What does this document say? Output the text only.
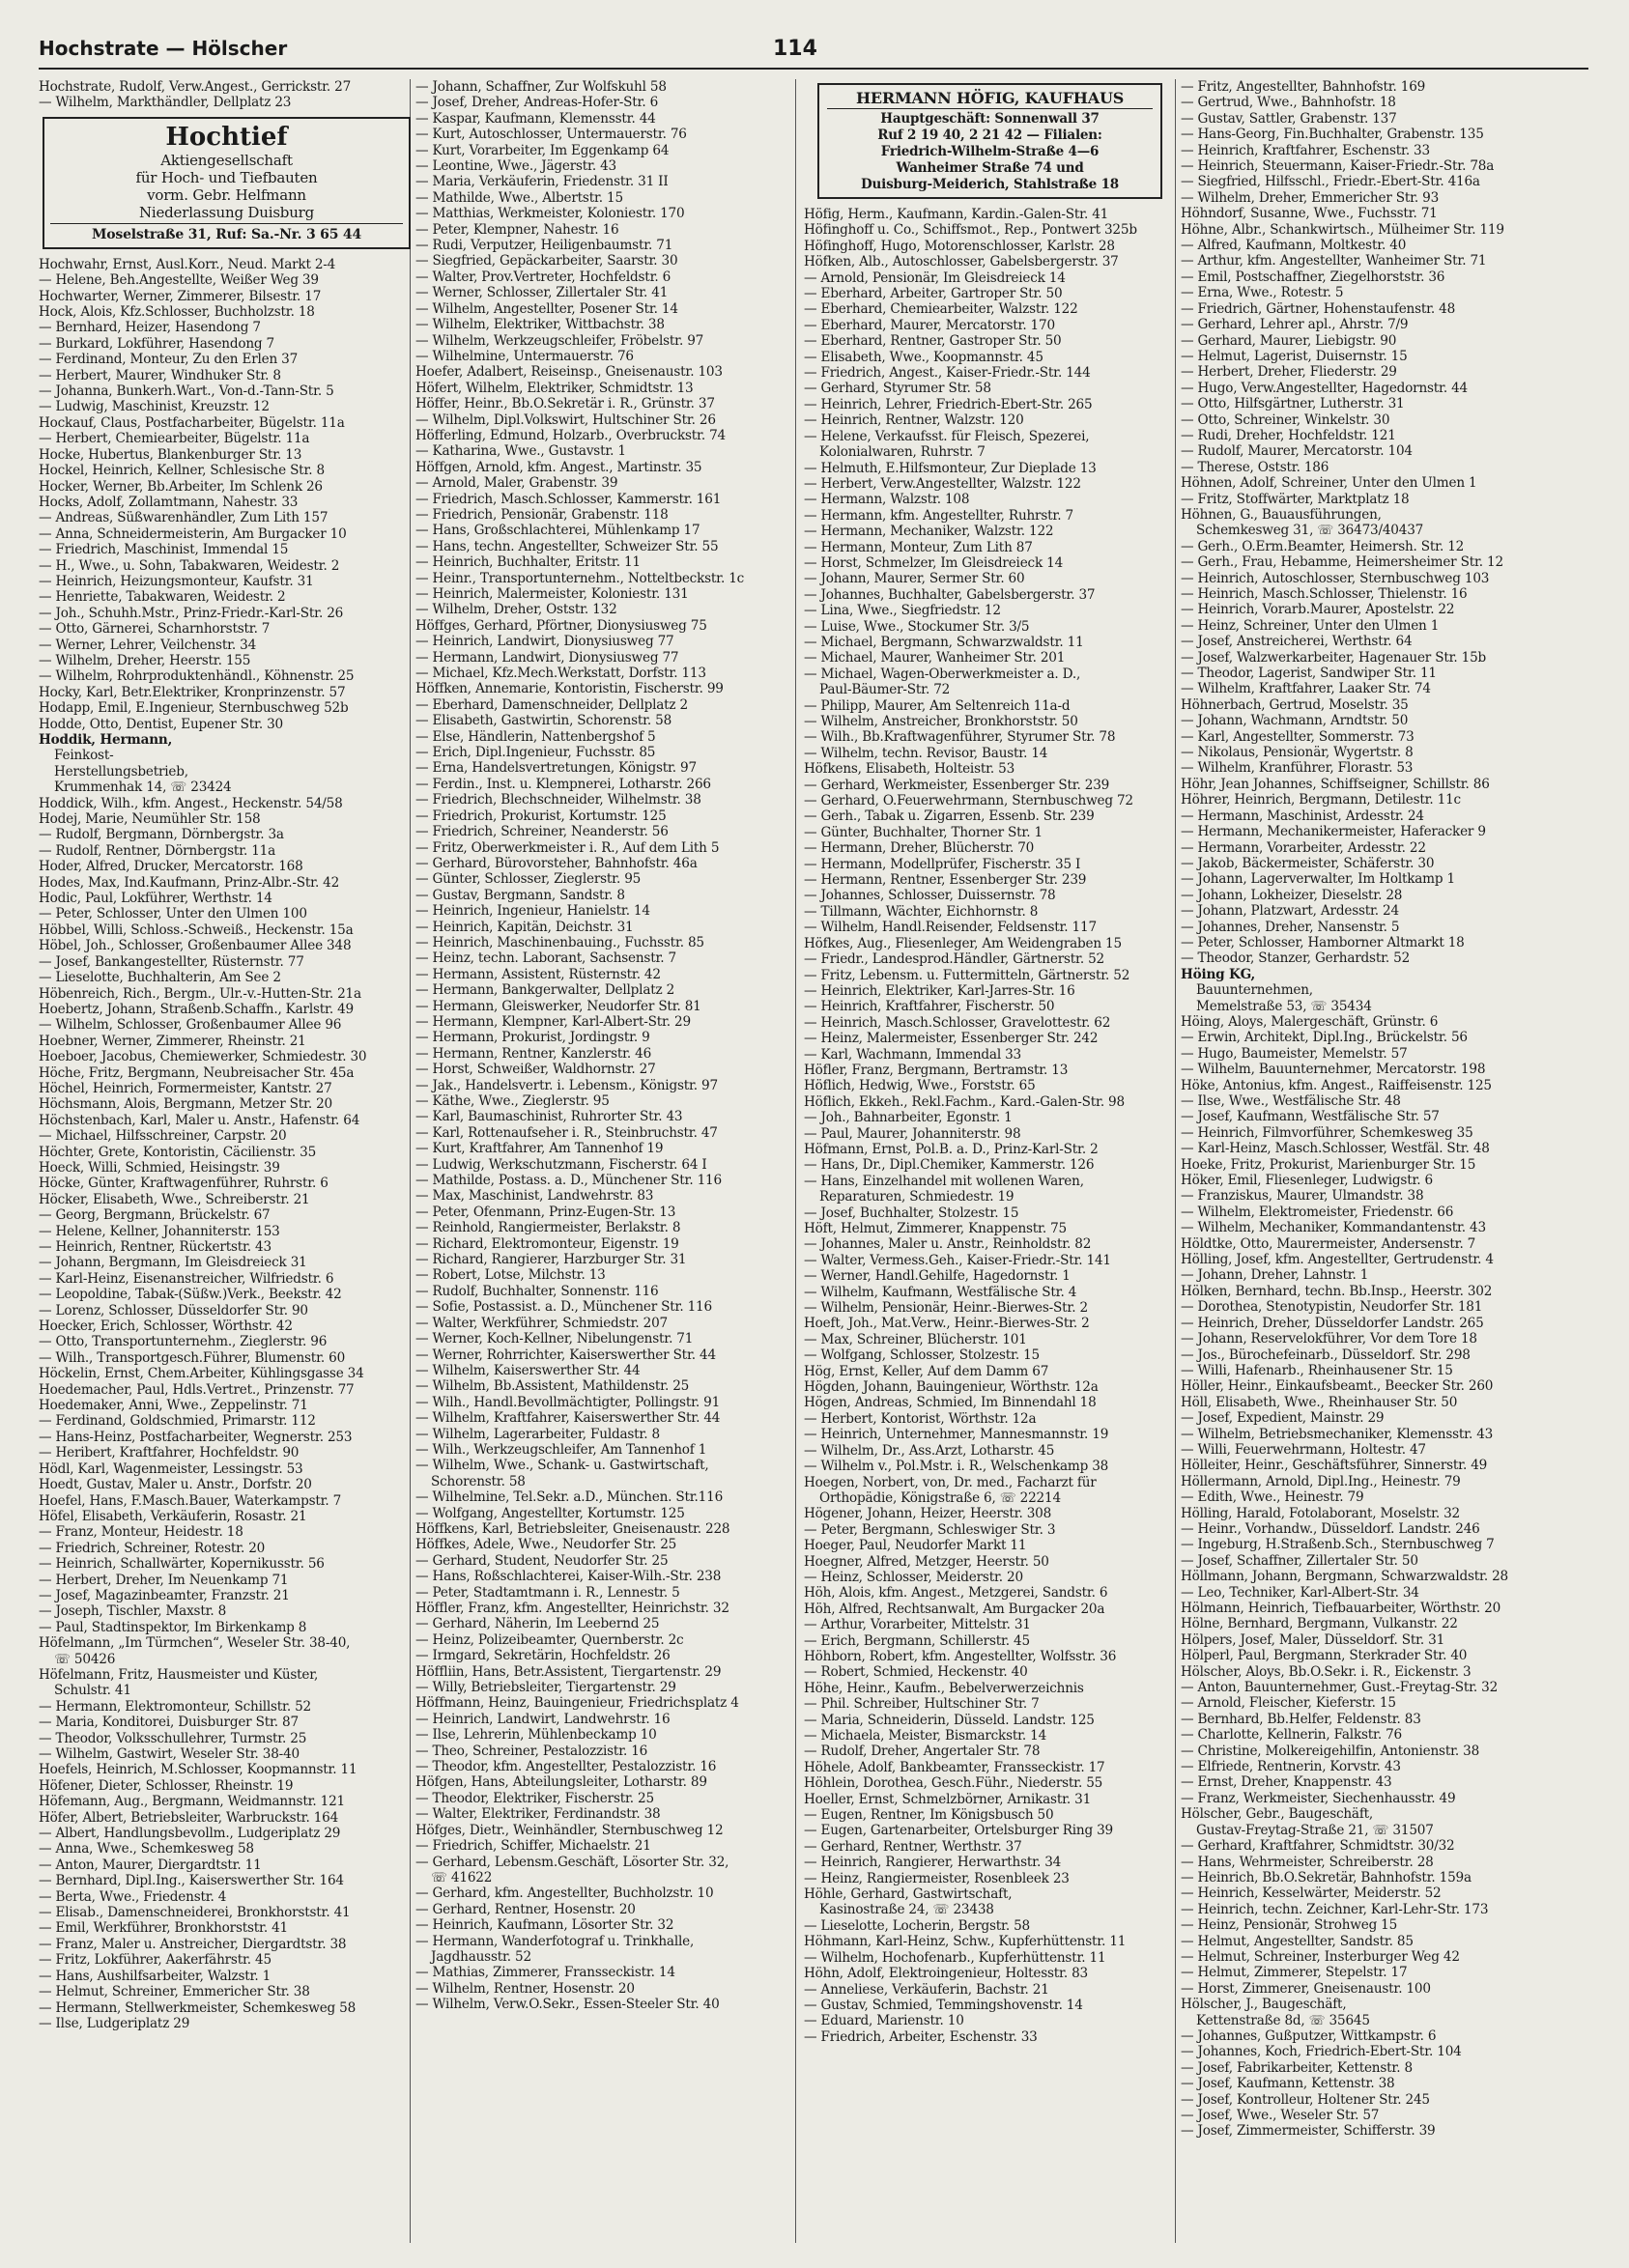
Hochstrate — Hölscher	114
Hochstrate, Rudolf, Verw.Angest., Gerrickstr. 27
— Wilhelm, Markthändler, Dellplatz 23
Hochtief
Aktiengesellschaft
für Hoch- und Tiefbauten
vorm. Gebr. Helfmann
Niederlassung Duisburg
Moselstraße 31, Ruf: Sa.-Nr. 3 65 44
Hochwahr, Ernst, Ausl.Korr., Neud. Markt 2-4
— Helene, Beh.Angestellte, Weißer Weg 39
Hochwarter, Werner, Zimmerer, Bilsestr. 17
Hock, Alois, Kfz.Schlosser, Buchholzstr. 18
— Bernhard, Heizer, Hasendong 7
— Burkard, Lokführer, Hasendong 7
— Ferdinand, Monteur, Zu den Erlen 37
— Herbert, Maurer, Windhuker Str. 8
— Johanna, Bunkerh.Wart., Von-d.-Tann-Str. 5
— Ludwig, Maschinist, Kreuzstr. 12
Hockauf, Claus, Postfacharbeiter, Bügelstr. 11a
— Herbert, Chemiearbeiter, Bügelstr. 11a
Hocke, Hubertus, Blankenburger Str. 13
Hockel, Heinrich, Kellner, Schlesische Str. 8
Hocker, Werner, Bb.Arbeiter, Im Schlenk 26
Hocks, Adolf, Zollamtmann, Nahestr. 33
— Andreas, Süßwarenhändler, Zum Lith 157
— Anna, Schneidermeisterin, Am Burgacker 10
— Friedrich, Maschinist, Immendal 15
— H., Wwe., u. Sohn, Tabakwaren, Weidestr. 2
— Heinrich, Heizungsmonteur, Kaufstr. 31
— Henriette, Tabakwaren, Weidestr. 2
— Joh., Schuhh.Mstr., Prinz-Friedr.-Karl-Str. 26
— Otto, Gärnerei, Scharnhorststr. 7
— Werner, Lehrer, Veilchenstr. 34
— Wilhelm, Dreher, Heerstr. 155
— Wilhelm, Rohrproduktenhändl., Köhnenstr. 25
Hocky, Karl, Betr.Elektriker, Kronprinzenstr. 57
Hodapp, Emil, E.Ingenieur, Sternbuschweg 52b
Hodde, Otto, Dentist, Eupener Str. 30
Hoddik, Hermann,
Feinkost-
Herstellungsbetrieb,
Krummenhak 14, ☏ 23424
Hoddick, Wilh., kfm. Angest., Heckenstr. 54/58
Hodej, Marie, Neumühler Str. 158
— Rudolf, Bergmann, Dörnbergstr. 3a
— Rudolf, Rentner, Dörnbergstr. 11a
Hoder, Alfred, Drucker, Mercatorstr. 168
Hodes, Max, Ind.Kaufmann, Prinz-Albr.-Str. 42
Hodic, Paul, Lokführer, Werthstr. 14
— Peter, Schlosser, Unter den Ulmen 100
Höbbel, Willi, Schloss.-Schweiß., Heckenstr. 15a
Höbel, Joh., Schlosser, Großenbaumer Allee 348
— Josef, Bankangestellter, Rüsternstr. 77
— Lieselotte, Buchhalterin, Am See 2
Höbenreich, Rich., Bergm., Ulr.-v.-Hutten-Str. 21a
Hoebertz, Johann, Straßenb.Schaffn., Karlstr. 49
— Wilhelm, Schlosser, Großenbaumer Allee 96
Hoebner, Werner, Zimmerer, Rheinstr. 21
Hoeboer, Jacobus, Chemiewerker, Schmiedestr. 30
Höche, Fritz, Bergmann, Neubreisacher Str. 45a
Höchel, Heinrich, Formermeister, Kantstr. 27
Höchsmann, Alois, Bergmann, Metzer Str. 20
Höchstenbach, Karl, Maler u. Anstr., Hafenstr. 64
— Michael, Hilfsschreiner, Carpstr. 20
Höchter, Grete, Kontoristin, Cäcilienstr. 35
Hoeck, Willi, Schmied, Heisingstr. 39
Höcke, Günter, Kraftwagenführer, Ruhrstr. 6
Höcker, Elisabeth, Wwe., Schreiberstr. 21
— Georg, Bergmann, Brückelstr. 67
— Helene, Kellner, Johanniterstr. 153
— Heinrich, Rentner, Rückertstr. 43
— Johann, Bergmann, Im Gleisdreieck 31
— Karl-Heinz, Eisenanstreicher, Wilfriedstr. 6
— Leopoldine, Tabak-(Süßw.)Verk., Beekstr. 42
— Lorenz, Schlosser, Düsseldorfer Str. 90
Hoecker, Erich, Schlosser, Wörthstr. 42
— Otto, Transportunternehm., Zieglerstr. 96
— Wilh., Transportgesch.Führer, Blumenstr. 60
Höckelin, Ernst, Chem.Arbeiter, Kühlingsgasse 34
Hoedemacher, Paul, Hdls.Vertret., Prinzenstr. 77
Hoedemaker, Anni, Wwe., Zeppelinstr. 71
— Ferdinand, Goldschmied, Primarstr. 112
— Hans-Heinz, Postfacharbeiter, Wegnerstr. 253
— Heribert, Kraftfahrer, Hochfeldstr. 90
Hödl, Karl, Wagenmeister, Lessingstr. 53
Hoedt, Gustav, Maler u. Anstr., Dorfstr. 20
Hoefel, Hans, F.Masch.Bauer, Waterkampstr. 7
Höfel, Elisabeth, Verkäuferin, Rosastr. 21
— Franz, Monteur, Heidestr. 18
— Friedrich, Schreiner, Rotestr. 20
— Heinrich, Schallwärter, Kopernikusstr. 56
— Herbert, Dreher, Im Neuenkamp 71
— Josef, Magazinbeamter, Franzstr. 21
— Joseph, Tischler, Maxstr. 8
— Paul, Stadtinspektor, Im Birkenkamp 8
Höfelmann, „Im Türmchen“, Weseler Str. 38-40,
☏ 50426
Höfelmann, Fritz, Hausmeister und Küster,
Schulstr. 41
— Hermann, Elektromonteur, Schillstr. 52
— Maria, Konditorei, Duisburger Str. 87
— Theodor, Volksschullehrer, Turmstr. 25
— Wilhelm, Gastwirt, Weseler Str. 38-40
Hoefels, Heinrich, M.Schlosser, Koopmannstr. 11
Höfener, Dieter, Schlosser, Rheinstr. 19
Höfemann, Aug., Bergmann, Weidmannstr. 121
Höfer, Albert, Betriebsleiter, Warbruckstr. 164
— Albert, Handlungsbevollm., Ludgeriplatz 29
— Anna, Wwe., Schemkesweg 58
— Anton, Maurer, Diergardtstr. 11
— Bernhard, Dipl.Ing., Kaiserswerther Str. 164
— Berta, Wwe., Friedenstr. 4
— Elisab., Damenschneiderei, Bronkhorststr. 41
— Emil, Werkführer, Bronkhorststr. 41
— Franz, Maler u. Anstreicher, Diergardtstr. 38
— Fritz, Lokführer, Aakerfährstr. 45
— Hans, Aushilfsarbeiter, Walzstr. 1
— Helmut, Schreiner, Emmericher Str. 38
— Hermann, Stellwerkmeister, Schemkesweg 58
— Ilse, Ludgeriplatz 29
— Johann, Schaffner, Zur Wolfskuhl 58
— Josef, Dreher, Andreas-Hofer-Str. 6
— Kaspar, Kaufmann, Klemensstr. 44
— Kurt, Autoschlosser, Untermauerstr. 76
— Kurt, Vorarbeiter, Im Eggenkamp 64
— Leontine, Wwe., Jägerstr. 43
— Maria, Verkäuferin, Friedenstr. 31 II
— Mathilde, Wwe., Albertstr. 15
— Matthias, Werkmeister, Koloniestr. 170
— Peter, Klempner, Nahestr. 16
— Rudi, Verputzer, Heiligenbaumstr. 71
— Siegfried, Gepäckarbeiter, Saarstr. 30
— Walter, Prov.Vertreter, Hochfeldstr. 6
— Werner, Schlosser, Zillertaler Str. 41
— Wilhelm, Angestellter, Posener Str. 14
— Wilhelm, Elektriker, Wittbachstr. 38
— Wilhelm, Werkzeugschleifer, Fröbelstr. 97
— Wilhelmine, Untermauerstr. 76
Hoefer, Adalbert, Reiseinsp., Gneisenaustr. 103
Höfert, Wilhelm, Elektriker, Schmidtstr. 13
Höffer, Heinr., Bb.O.Sekretär i. R., Grünstr. 37
— Wilhelm, Dipl.Volkswirt, Hultschiner Str. 26
Höfferling, Edmund, Holzarb., Overbruckstr. 74
— Katharina, Wwe., Gustavstr. 1
Höffgen, Arnold, kfm. Angest., Martinstr. 35
— Arnold, Maler, Grabenstr. 39
— Friedrich, Masch.Schlosser, Kammerstr. 161
— Friedrich, Pensionär, Grabenstr. 118
— Hans, Großschlachterei, Mühlenkamp 17
— Hans, techn. Angestellter, Schweizer Str. 55
— Heinrich, Buchhalter, Eritstr. 11
— Heinr., Transportunternehm., Notteltbeckstr. 1c
— Heinrich, Malermeister, Koloniestr. 131
— Wilhelm, Dreher, Oststr. 132
Höffges, Gerhard, Pförtner, Dionysiusweg 75
— Heinrich, Landwirt, Dionysiusweg 77
— Hermann, Landwirt, Dionysiusweg 77
— Michael, Kfz.Mech.Werkstatt, Dorfstr. 113
Höffken, Annemarie, Kontoristin, Fischerstr. 99
— Eberhard, Damenschneider, Dellplatz 2
— Elisabeth, Gastwirtin, Schorenstr. 58
— Else, Händlerin, Nattenbergshof 5
— Erich, Dipl.Ingenieur, Fuchsstr. 85
— Erna, Handelsvertretungen, Königstr. 97
— Ferdin., Inst. u. Klempnerei, Lotharstr. 266
— Friedrich, Blechschneider, Wilhelmstr. 38
— Friedrich, Prokurist, Kortumstr. 125
— Friedrich, Schreiner, Neanderstr. 56
— Fritz, Oberwerkmeister i. R., Auf dem Lith 5
— Gerhard, Bürovorsteher, Bahnhofstr. 46a
— Günter, Schlosser, Zieglerstr. 95
— Gustav, Bergmann, Sandstr. 8
— Heinrich, Ingenieur, Hanielstr. 14
— Heinrich, Kapitän, Deichstr. 31
— Heinrich, Maschinenbauing., Fuchsstr. 85
— Heinz, techn. Laborant, Sachsenstr. 7
— Hermann, Assistent, Rüsternstr. 42
— Hermann, Bankgerwalter, Dellplatz 2
— Hermann, Gleiswerker, Neudorfer Str. 81
— Hermann, Klempner, Karl-Albert-Str. 29
— Hermann, Prokurist, Jordingstr. 9
— Hermann, Rentner, Kanzlerstr. 46
— Horst, Schweißer, Waldhornstr. 27
— Jak., Handelsvertr. i. Lebensm., Königstr. 97
— Käthe, Wwe., Zieglerstr. 95
— Karl, Baumaschinist, Ruhrorter Str. 43
— Karl, Rottenaufseher i. R., Steinbruchstr. 47
— Kurt, Kraftfahrer, Am Tannenhof 19
— Ludwig, Werkschutzmann, Fischerstr. 64 I
— Mathilde, Postass. a. D., Münchener Str. 116
— Max, Maschinist, Landwehrstr. 83
— Peter, Ofenmann, Prinz-Eugen-Str. 13
— Reinhold, Rangiermeister, Berlakstr. 8
— Richard, Elektromonteur, Eigenstr. 19
— Richard, Rangierer, Harzburger Str. 31
— Robert, Lotse, Milchstr. 13
— Rudolf, Buchhalter, Sonnenstr. 116
— Sofie, Postassist. a. D., Münchener Str. 116
— Walter, Werkführer, Schmiedstr. 207
— Werner, Koch-Kellner, Nibelungenstr. 71
— Werner, Rohrrichter, Kaiserswerther Str. 44
— Wilhelm, Kaiserswerther Str. 44
— Wilhelm, Bb.Assistent, Mathildenstr. 25
— Wilh., Handl.Bevollmächtigter, Pollingstr. 91
— Wilhelm, Kraftfahrer, Kaiserswerther Str. 44
— Wilhelm, Lagerarbeiter, Fuldastr. 8
— Wilh., Werkzeugschleifer, Am Tannenhof 1
— Wilhelm, Wwe., Schank- u. Gastwirtschaft,
Schorenstr. 58
— Wilhelmine, Tel.Sekr. a.D., München. Str.116
— Wolfgang, Angestellter, Kortumstr. 125
Höffkens, Karl, Betriebsleiter, Gneisenaustr. 228
Höffkes, Adele, Wwe., Neudorfer Str. 25
— Gerhard, Student, Neudorfer Str. 25
— Hans, Roßschlachterei, Kaiser-Wilh.-Str. 238
— Peter, Stadtamtmann i. R., Lennestr. 5
Höffler, Franz, kfm. Angestellter, Heinrichstr. 32
— Gerhard, Näherin, Im Leebernd 25
— Heinz, Polizeibeamter, Quernberstr. 2c
— Irmgard, Sekretärin, Hochfeldstr. 26
Höffliin, Hans, Betr.Assistent, Tiergartenstr. 29
— Willy, Betriebsleiter, Tiergartenstr. 29
Höffmann, Heinz, Bauingenieur, Friedrichsplatz 4
— Heinrich, Landwirt, Landwehrstr. 16
— Ilse, Lehrerin, Mühlenbeckamp 10
— Theo, Schreiner, Pestalozzistr. 16
— Theodor, kfm. Angestellter, Pestalozzistr. 16
Höfgen, Hans, Abteilungsleiter, Lotharstr. 89
— Theodor, Elektriker, Fischerstr. 25
— Walter, Elektriker, Ferdinandstr. 38
Höfges, Dietr., Weinhändler, Sternbuschweg 12
— Friedrich, Schiffer, Michaelstr. 21
— Gerhard, Lebensm.Geschäft, Lösorter Str. 32,
☏ 41622
— Gerhard, kfm. Angestellter, Buchholzstr. 10
— Gerhard, Rentner, Hosenstr. 20
— Heinrich, Kaufmann, Lösorter Str. 32
— Hermann, Wanderfotograf u. Trinkhalle,
Jagdhausstr. 52
— Mathias, Zimmerer, Fransseckistr. 14
— Wilhelm, Rentner, Hosenstr. 20
— Wilhelm, Verw.O.Sekr., Essen-Steeler Str. 40
HERMANN HÖFIG, KAUFHAUS
Hauptgeschäft: Sonnenwall 37
Ruf 2 19 40, 2 21 42 — Filialen:
Friedrich-Wilhelm-Straße 4—6
Wanheimer Straße 74 und
Duisburg-Meiderich, Stahlstraße 18
Höfig, Herm., Kaufmann, Kardin.-Galen-Str. 41
Höfinghoff u. Co., Schiffsmot., Rep., Pontwert 325b
Höfinghoff, Hugo, Motorenschlosser, Karlstr. 28
Höfken, Alb., Autoschlosser, Gabelsbergerstr. 37
— Arnold, Pensionär, Im Gleisdreieck 14
— Eberhard, Arbeiter, Gartroper Str. 50
— Eberhard, Chemiearbeiter, Walzstr. 122
— Eberhard, Maurer, Mercatorstr. 170
— Eberhard, Rentner, Gastroper Str. 50
— Elisabeth, Wwe., Koopmannstr. 45
— Friedrich, Angest., Kaiser-Friedr.-Str. 144
— Gerhard, Styrumer Str. 58
— Heinrich, Lehrer, Friedrich-Ebert-Str. 265
— Heinrich, Rentner, Walzstr. 120
— Helene, Verkaufsst. für Fleisch, Spezerei,
Kolonialwaren, Ruhrstr. 7
— Helmuth, E.Hilfsmonteur, Zur Dieplade 13
— Herbert, Verw.Angestellter, Walzstr. 122
— Hermann, Walzstr. 108
— Hermann, kfm. Angestellter, Ruhrstr. 7
— Hermann, Mechaniker, Walzstr. 122
— Hermann, Monteur, Zum Lith 87
— Horst, Schmelzer, Im Gleisdreieck 14
— Johann, Maurer, Sermer Str. 60
— Johannes, Buchhalter, Gabelsbergerstr. 37
— Lina, Wwe., Siegfriedstr. 12
— Luise, Wwe., Stockumer Str. 3/5
— Michael, Bergmann, Schwarzwaldstr. 11
— Michael, Maurer, Wanheimer Str. 201
— Michael, Wagen-Oberwerkmeister a. D.,
Paul-Bäumer-Str. 72
— Philipp, Maurer, Am Seltenreich 11a-d
— Wilhelm, Anstreicher, Bronkhorststr. 50
— Wilh., Bb.Kraftwagenführer, Styrumer Str. 78
— Wilhelm, techn. Revisor, Baustr. 14
Höfkens, Elisabeth, Holteistr. 53
— Gerhard, Werkmeister, Essenberger Str. 239
— Gerhard, O.Feuerwehrmann, Sternbuschweg 72
— Gerh., Tabak u. Zigarren, Essenb. Str. 239
— Günter, Buchhalter, Thorner Str. 1
— Hermann, Dreher, Blücherstr. 70
— Hermann, Modellprüfer, Fischerstr. 35 I
— Hermann, Rentner, Essenberger Str. 239
— Johannes, Schlosser, Duissernstr. 78
— Tillmann, Wächter, Eichhornstr. 8
— Wilhelm, Handl.Reisender, Feldsenstr. 117
Höfkes, Aug., Fliesenleger, Am Weidengraben 15
— Friedr., Landesprod.Händler, Gärtnerstr. 52
— Fritz, Lebensm. u. Futtermitteln, Gärtnerstr. 52
— Heinrich, Elektriker, Karl-Jarres-Str. 16
— Heinrich, Kraftfahrer, Fischerstr. 50
— Heinrich, Masch.Schlosser, Gravelottestr. 62
— Heinz, Malermeister, Essenberger Str. 242
— Karl, Wachmann, Immendal 33
Höfler, Franz, Bergmann, Bertramstr. 13
Höflich, Hedwig, Wwe., Forststr. 65
Höflich, Ekkeh., Rekl.Fachm., Kard.-Galen-Str. 98
— Joh., Bahnarbeiter, Egonstr. 1
— Paul, Maurer, Johanniterstr. 98
Höfmann, Ernst, Pol.B. a. D., Prinz-Karl-Str. 2
— Hans, Dr., Dipl.Chemiker, Kammerstr. 126
— Hans, Einzelhandel mit wollenen Waren,
Reparaturen, Schmiedestr. 19
— Josef, Buchhalter, Stolzestr. 15
Höft, Helmut, Zimmerer, Knappenstr. 75
— Johannes, Maler u. Anstr., Reinholdstr. 82
— Walter, Vermess.Geh., Kaiser-Friedr.-Str. 141
— Werner, Handl.Gehilfe, Hagedornstr. 1
— Wilhelm, Kaufmann, Westfälische Str. 4
— Wilhelm, Pensionär, Heinr.-Bierwes-Str. 2
Hoeft, Joh., Mat.Verw., Heinr.-Bierwes-Str. 2
— Max, Schreiner, Blücherstr. 101
— Wolfgang, Schlosser, Stolzestr. 15
Hög, Ernst, Keller, Auf dem Damm 67
Högden, Johann, Bauingenieur, Wörthstr. 12a
Högen, Andreas, Schmied, Im Binnendahl 18
— Herbert, Kontorist, Wörthstr. 12a
— Heinrich, Unternehmer, Mannesmannstr. 19
— Wilhelm, Dr., Ass.Arzt, Lotharstr. 45
— Wilhelm v., Pol.Mstr. i. R., Welschenkamp 38
Hoegen, Norbert, von, Dr. med., Facharzt für
Orthopädie, Königstraße 6, ☏ 22214
Högener, Johann, Heizer, Heerstr. 308
— Peter, Bergmann, Schleswiger Str. 3
Hoeger, Paul, Neudorfer Markt 11
Hoegner, Alfred, Metzger, Heerstr. 50
— Heinz, Schlosser, Meiderstr. 20
Höh, Alois, kfm. Angest., Metzgerei, Sandstr. 6
Höh, Alfred, Rechtsanwalt, Am Burgacker 20a
— Arthur, Vorarbeiter, Mittelstr. 31
— Erich, Bergmann, Schillerstr. 45
Höhborn, Robert, kfm. Angestellter, Wolfsstr. 36
— Robert, Schmied, Heckenstr. 40
Höhe, Heinr., Kaufm., Bebelverwerzeichnis
— Phil. Schreiber, Hultschiner Str. 7
— Maria, Schneiderin, Düsseld. Landstr. 125
— Michaela, Meister, Bismarckstr. 14
— Rudolf, Dreher, Angertaler Str. 78
Höhele, Adolf, Bankbeamter, Fransseckistr. 17
Höhlein, Dorothea, Gesch.Führ., Niederstr. 55
Hoeller, Ernst, Schmelzbörner, Arnikastr. 31
— Eugen, Rentner, Im Königsbusch 50
— Eugen, Gartenarbeiter, Ortelsburger Ring 39
— Gerhard, Rentner, Werthstr. 37
— Heinrich, Rangierer, Herwarthstr. 34
— Heinz, Rangiermeister, Rosenbleek 23
Höhle, Gerhard, Gastwirtschaft,
Kasinostraße 24, ☏ 23438
— Lieselotte, Locherin, Bergstr. 58
Höhmann, Karl-Heinz, Schw., Kupferhüttenstr. 11
— Wilhelm, Hochofenarb., Kupferhüttenstr. 11
Höhn, Adolf, Elektroingenieur, Holtesstr. 83
— Anneliese, Verkäuferin, Bachstr. 21
— Gustav, Schmied, Temmingshovenstr. 14
— Eduard, Marienstr. 10
— Friedrich, Arbeiter, Eschenstr. 33
— Fritz, Angestellter, Bahnhofstr. 169
— Gertrud, Wwe., Bahnhofstr. 18
— Gustav, Sattler, Grabenstr. 137
— Hans-Georg, Fin.Buchhalter, Grabenstr. 135
— Heinrich, Kraftfahrer, Eschenstr. 33
— Heinrich, Steuermann, Kaiser-Friedr.-Str. 78a
— Siegfried, Hilfsschl., Friedr.-Ebert-Str. 416a
— Wilhelm, Dreher, Emmericher Str. 93
Höhndorf, Susanne, Wwe., Fuchsstr. 71
Höhne, Albr., Schankwirtsch., Mülheimer Str. 119
— Alfred, Kaufmann, Moltkestr. 40
— Arthur, kfm. Angestellter, Wanheimer Str. 71
— Emil, Postschaffner, Ziegelhorststr. 36
— Erna, Wwe., Rotestr. 5
— Friedrich, Gärtner, Hohenstaufenstr. 48
— Gerhard, Lehrer apl., Ahrstr. 7/9
— Gerhard, Maurer, Liebigstr. 90
— Helmut, Lagerist, Duisernstr. 15
— Herbert, Dreher, Fliederstr. 29
— Hugo, Verw.Angestellter, Hagedornstr. 44
— Otto, Hilfsgärtner, Lutherstr. 31
— Otto, Schreiner, Winkelstr. 30
— Rudi, Dreher, Hochfeldstr. 121
— Rudolf, Maurer, Mercatorstr. 104
— Therese, Oststr. 186
Höhnen, Adolf, Schreiner, Unter den Ulmen 1
— Fritz, Stoffwärter, Marktplatz 18
Höhnen, G., Bauausführungen,
Schemkesweg 31, ☏ 36473/40437
— Gerh., O.Erm.Beamter, Heimersh. Str. 12
— Gerh., Frau, Hebamme, Heimersheimer Str. 12
— Heinrich, Autoschlosser, Sternbuschweg 103
— Heinrich, Masch.Schlosser, Thielenstr. 16
— Heinrich, Vorarb.Maurer, Apostelstr. 22
— Heinz, Schreiner, Unter den Ulmen 1
— Josef, Anstreicherei, Werthstr. 64
— Josef, Walzwerkarbeiter, Hagenauer Str. 15b
— Theodor, Lagerist, Sandwiper Str. 11
— Wilhelm, Kraftfahrer, Laaker Str. 74
Höhnerbach, Gertrud, Moselstr. 35
— Johann, Wachmann, Arndtstr. 50
— Karl, Angestellter, Sommerstr. 73
— Nikolaus, Pensionär, Wygertstr. 8
— Wilhelm, Kranführer, Florastr. 53
Höhr, Jean Johannes, Schiffseigner, Schillstr. 86
Höhrer, Heinrich, Bergmann, Detilestr. 11c
— Hermann, Maschinist, Ardesstr. 24
— Hermann, Mechanikermeister, Haferacker 9
— Hermann, Vorarbeiter, Ardesstr. 22
— Jakob, Bäckermeister, Schäferstr. 30
— Johann, Lagerverwalter, Im Holtkamp 1
— Johann, Lokheizer, Dieselstr. 28
— Johann, Platzwart, Ardesstr. 24
— Johannes, Dreher, Nansenstr. 5
— Peter, Schlosser, Hamborner Altmarkt 18
— Theodor, Stanzer, Gerhardstr. 52
Höing KG,
Bauunternehmen,
Memelstraße 53, ☏ 35434
Höing, Aloys, Malergeschäft, Grünstr. 6
— Erwin, Architekt, Dipl.Ing., Brückelstr. 56
— Hugo, Baumeister, Memelstr. 57
— Wilhelm, Bauunternehmer, Mercatorstr. 198
Höke, Antonius, kfm. Angest., Raiffeisenstr. 125
— Ilse, Wwe., Westfälische Str. 48
— Josef, Kaufmann, Westfälische Str. 57
— Heinrich, Filmvorführer, Schemkesweg 35
— Karl-Heinz, Masch.Schlosser, Westfäl. Str. 48
Hoeke, Fritz, Prokurist, Marienburger Str. 15
Höker, Emil, Fliesenleger, Ludwigstr. 6
— Franziskus, Maurer, Ulmandstr. 38
— Wilhelm, Elektromeister, Friedenstr. 66
— Wilhelm, Mechaniker, Kommandantenstr. 43
Höldtke, Otto, Maurermeister, Andersenstr. 7
Hölling, Josef, kfm. Angestellter, Gertrudenstr. 4
— Johann, Dreher, Lahnstr. 1
Hölken, Bernhard, techn. Bb.Insp., Heerstr. 302
— Dorothea, Stenotypistin, Neudorfer Str. 181
— Heinrich, Dreher, Düsseldorfer Landstr. 265
— Johann, Reservelokführer, Vor dem Tore 18
— Jos., Bürochefeinarb., Düsseldorf. Str. 298
— Willi, Hafenarb., Rheinhausener Str. 15
Höller, Heinr., Einkaufsbeamt., Beecker Str. 260
Höll, Elisabeth, Wwe., Rheinhauser Str. 50
— Josef, Expedient, Mainstr. 29
— Wilhelm, Betriebsmechaniker, Klemensstr. 43
— Willi, Feuerwehrmann, Holtestr. 47
Hölleiter, Heinr., Geschäftsführer, Sinnerstr. 49
Höllermann, Arnold, Dipl.Ing., Heinestr. 79
— Edith, Wwe., Heinestr. 79
Hölling, Harald, Fotolaborant, Moselstr. 32
— Heinr., Vorhandw., Düsseldorf. Landstr. 246
— Ingeburg, H.Straßenb.Sch., Sternbuschweg 7
— Josef, Schaffner, Zillertaler Str. 50
Höllmann, Johann, Bergmann, Schwarzwaldstr. 28
— Leo, Techniker, Karl-Albert-Str. 34
Hölmann, Heinrich, Tiefbauarbeiter, Wörthstr. 20
Hölne, Bernhard, Bergmann, Vulkanstr. 22
Hölpers, Josef, Maler, Düsseldorf. Str. 31
Hölperl, Paul, Bergmann, Sterkrader Str. 40
Hölscher, Aloys, Bb.O.Sekr. i. R., Eickenstr. 3
— Anton, Bauunternehmer, Gust.-Freytag-Str. 32
— Arnold, Fleischer, Kieferstr. 15
— Bernhard, Bb.Helfer, Feldenstr. 83
— Charlotte, Kellnerin, Falkstr. 76
— Christine, Molkereigehilfin, Antonienstr. 38
— Elfriede, Rentnerin, Korvstr. 43
— Ernst, Dreher, Knappenstr. 43
— Franz, Werkmeister, Siechenhausstr. 49
Hölscher, Gebr., Baugeschäft,
Gustav-Freytag-Straße 21, ☏ 31507
— Gerhard, Kraftfahrer, Schmidtstr. 30/32
— Hans, Wehrmeister, Schreiberstr. 28
— Heinrich, Bb.O.Sekretär, Bahnhofstr. 159a
— Heinrich, Kesselwärter, Meiderstr. 52
— Heinrich, techn. Zeichner, Karl-Lehr-Str. 173
— Heinz, Pensionär, Strohweg 15
— Helmut, Angestellter, Sandstr. 85
— Helmut, Schreiner, Insterburger Weg 42
— Helmut, Zimmerer, Stepelstr. 17
— Horst, Zimmerer, Gneisenaustr. 100
Hölscher, J., Baugeschäft,
Kettenstraße 8d, ☏ 35645
— Johannes, Gußputzer, Wittkampstr. 6
— Johannes, Koch, Friedrich-Ebert-Str. 104
— Josef, Fabrikarbeiter, Kettenstr. 8
— Josef, Kaufmann, Kettenstr. 38
— Josef, Kontrolleur, Holtener Str. 245
— Josef, Wwe., Weseler Str. 57
— Josef, Zimmermeister, Schifferstr. 39
